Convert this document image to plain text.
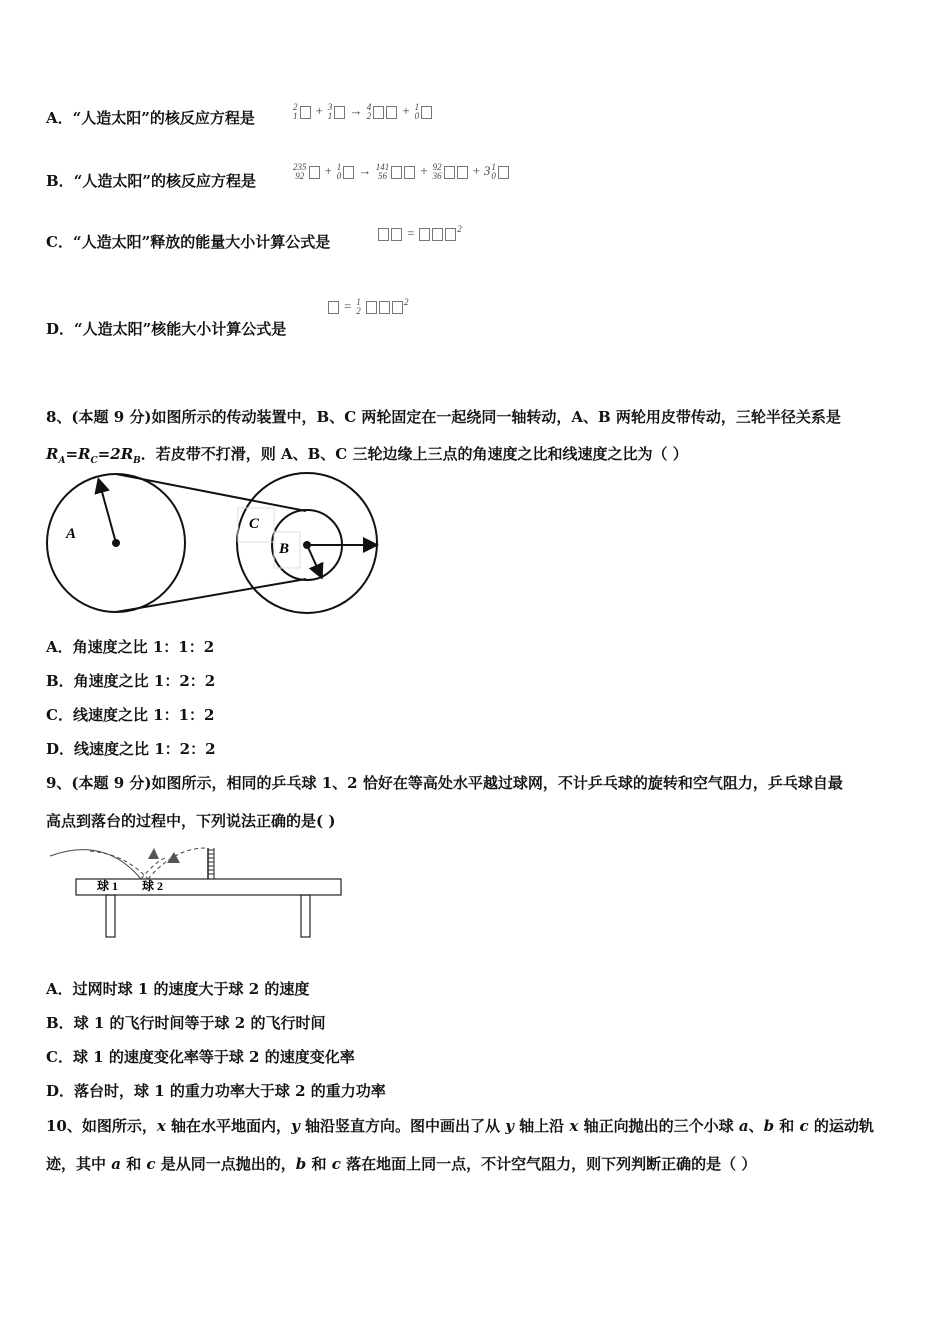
A．“人造太阳”的核反应方程是
2
1 + 3
1 → 4
2 + 1
0
B．“人造太阳”的核反应方程是
235
92 + 1
0 → 141
56	+ 92
36 + 3 1
0
C．“人造太阳”释放的能量大小计算公式是
=	$^2$
D．“人造太阳”核能大小计算公式是
= 1
2
$^2$
8、(本题 9 分)如图所示的传动装置中，B、C 两轮固定在一起绕同一轴转动，A、B 两轮用皮带传动，三轮半径关系是
$R_A=R_C=2R_B$．若皮带不打滑，则 A、B、C 三轮边缘上三点的角速度之比和线速度之比为（ ）
A
C
B
A．角速度之比 1：1：2
B．角速度之比 1：2：2
C．线速度之比 1：1：2
D．线速度之比 1：2：2
9、(本题 9 分)如图所示，相同的乒乓球 1、2 恰好在等高处水平越过球网，不计乒乓球的旋转和空气阻力，乒乓球自最
高点到落台的过程中，下列说法正确的是( )
球 1 球 2
A．过网时球 1 的速度大于球 2 的速度
B．球 1 的飞行时间等于球 2 的飞行时间
C．球 1 的速度变化率等于球 2 的速度变化率
D．落台时，球 1 的重力功率大于球 2 的重力功率
10、如图所示，x 轴在水平地面内，y 轴沿竖直方向。图中画出了从 y 轴上沿 x 轴正向抛出的三个小球 a、b 和 c 的运动轨
迹，其中 a 和 c 是从同一点抛出的，b 和 c 落在地面上同一点，不计空气阻力，则下列判断正确的是（ ）
